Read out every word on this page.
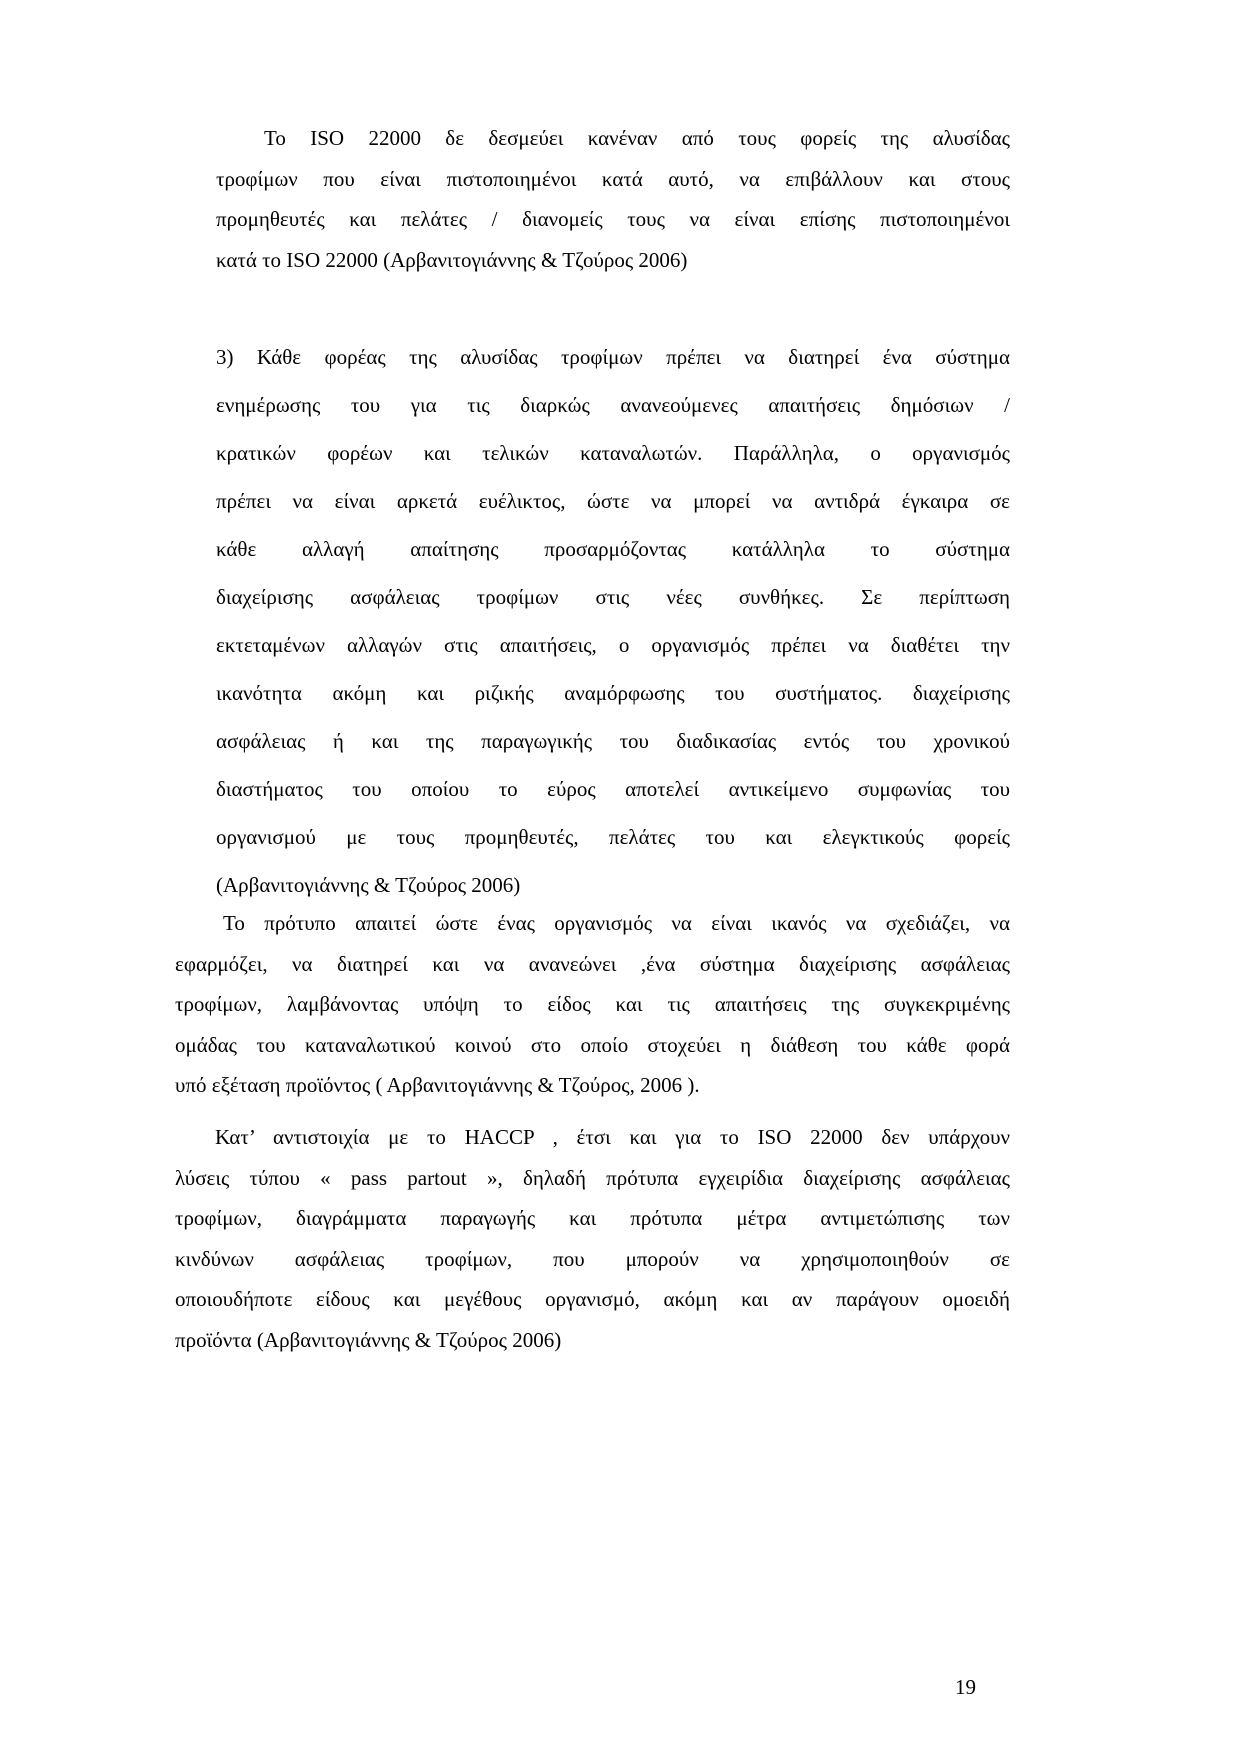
Το ISO 22000 δε δεσμεύει κανέναν από τους φορείς της αλυσίδας
τροφίμων που είναι πιστοποιημένοι κατά αυτό, να επιβάλλουν και στους
προμηθευτές και πελάτες / διανομείς τους να είναι επίσης πιστοποιημένοι
κατά το ISO 22000 (Αρβανιτογιάννης & Τζούρος 2006)
3) Κάθε φορέας της αλυσίδας τροφίμων πρέπει να διατηρεί ένα σύστημα
ενημέρωσης του για τις διαρκώς ανανεούμενες απαιτήσεις δημόσιων /
κρατικών φορέων και τελικών καταναλωτών. Παράλληλα, ο οργανισμός
πρέπει να είναι αρκετά ευέλικτος, ώστε να μπορεί να αντιδρά έγκαιρα σε
κάθε αλλαγή απαίτησης προσαρμόζοντας κατάλληλα το σύστημα
διαχείρισης ασφάλειας τροφίμων στις νέες συνθήκες. Σε περίπτωση
εκτεταμένων αλλαγών στις απαιτήσεις, ο οργανισμός πρέπει να διαθέτει την
ικανότητα ακόμη και ριζικής αναμόρφωσης του συστήματος. διαχείρισης
ασφάλειας ή και της παραγωγικής του διαδικασίας εντός του χρονικού
διαστήματος του οποίου το εύρος αποτελεί αντικείμενο συμφωνίας του
οργανισμού με τους προμηθευτές, πελάτες του και ελεγκτικούς φορείς
(Αρβανιτογιάννης & Τζούρος 2006)
Το πρότυπο απαιτεί ώστε ένας οργανισμός να είναι ικανός να σχεδιάζει, να
εφαρμόζει, να διατηρεί και να ανανεώνει ,ένα σύστημα διαχείρισης ασφάλειας
τροφίμων, λαμβάνοντας υπόψη το είδος και τις απαιτήσεις της συγκεκριμένης
ομάδας του καταναλωτικού κοινού στο οποίο στοχεύει η διάθεση του κάθε φορά
υπό εξέταση προϊόντος ( Αρβανιτογιάννης & Τζούρος, 2006 ).
Κατ’ αντιστοιχία με το HACCP , έτσι και για το ISO 22000 δεν υπάρχουν
λύσεις τύπου « pass partout », δηλαδή πρότυπα εγχειρίδια διαχείρισης ασφάλειας
τροφίμων, διαγράμματα παραγωγής και πρότυπα μέτρα αντιμετώπισης των
κινδύνων ασφάλειας τροφίμων, που μπορούν να χρησιμοποιηθούν σε
οποιουδήποτε είδους και μεγέθους οργανισμό, ακόμη και αν παράγουν ομοειδή
προϊόντα (Αρβανιτογιάννης & Τζούρος 2006)
19
